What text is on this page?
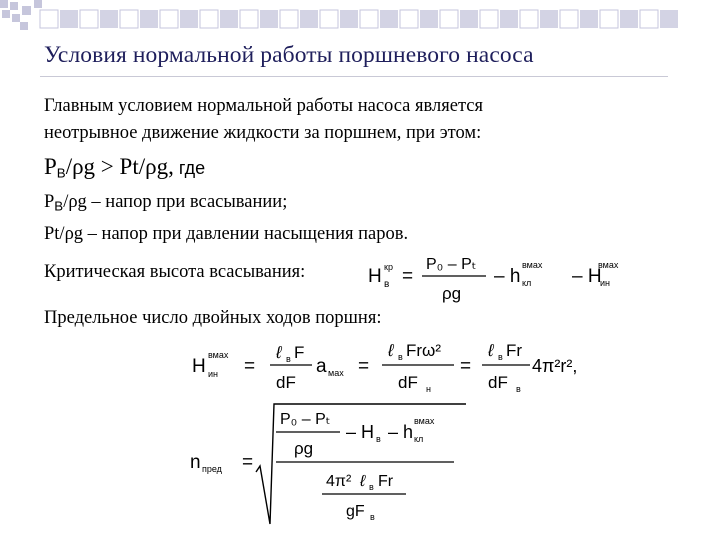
Условия нормальной работы поршневого насоса
Главным условием нормальной работы насоса является
неотрывное движение жидкости за поршнем, при этом:
$P_В/\rho g > Pt/\rho g$, где
$P_В/\rho g$ – напор при всасывании;
Pt/ρg – напор при давлении насыщения паров.
Критическая высота всасывания:	H кр
в =
P₀ – Pₜ
ρg
– h
вмах
кл – H
вмах
ин
Предельное число двойных ходов поршня:
H
вмах
ин =
ℓ в F
dF
a мах =
ℓ в Frω²
dF н
=
ℓ в Fr
dF в
4π²r²,
n пред =
P₀ – Pₜ
ρg
– H в – h
вмах
кл
4π² ℓ в Fr
gF в
